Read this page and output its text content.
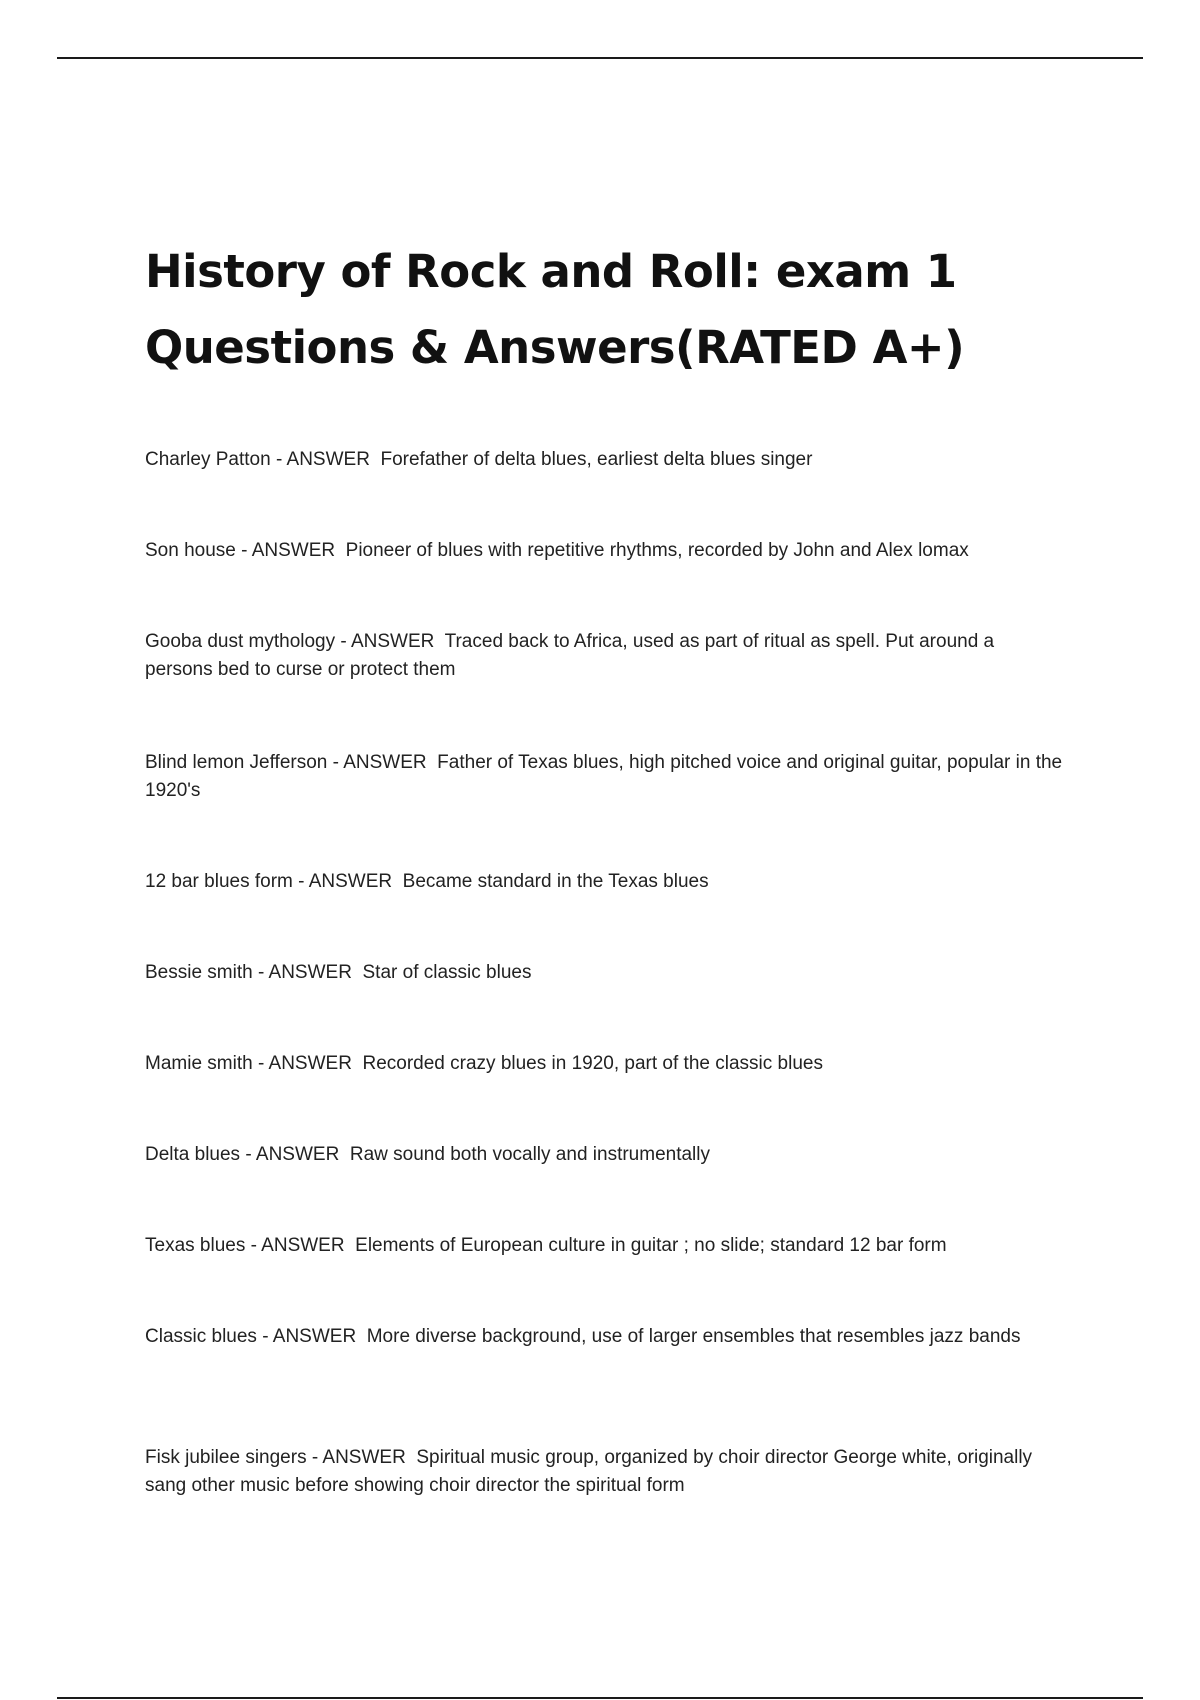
History of Rock and Roll: exam 1
Questions & Answers(RATED A+)

Charley Patton - ANSWER  Forefather of delta blues, earliest delta blues singer

Son house - ANSWER  Pioneer of blues with repetitive rhythms, recorded by John and Alex lomax

Gooba dust mythology - ANSWER  Traced back to Africa, used as part of ritual as spell. Put around a persons bed to curse or protect them

Blind lemon Jefferson - ANSWER  Father of Texas blues, high pitched voice and original guitar, popular in the 1920's

12 bar blues form - ANSWER  Became standard in the Texas blues

Bessie smith - ANSWER  Star of classic blues

Mamie smith - ANSWER  Recorded crazy blues in 1920, part of the classic blues

Delta blues - ANSWER  Raw sound both vocally and instrumentally

Texas blues - ANSWER  Elements of European culture in guitar ; no slide; standard 12 bar form

Classic blues - ANSWER  More diverse background, use of larger ensembles that resembles jazz bands

Fisk jubilee singers - ANSWER  Spiritual music group, organized by choir director George white, originally sang other music before showing choir director the spiritual form
